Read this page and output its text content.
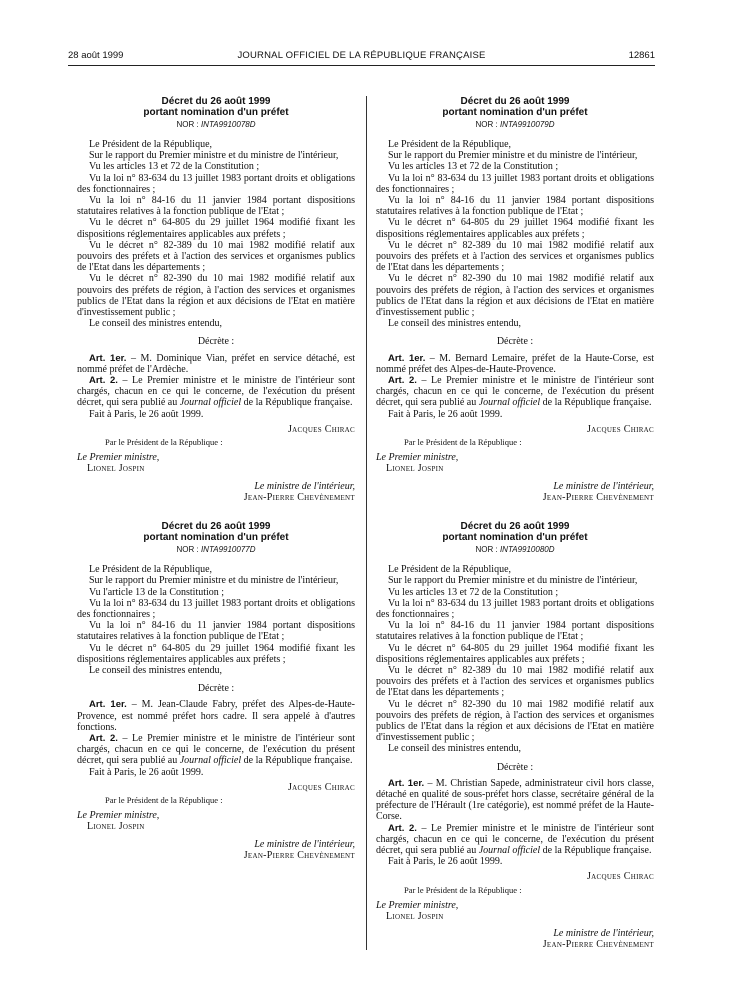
28 août 1999	JOURNAL OFFICIEL DE LA RÉPUBLIQUE FRANÇAISE	12861
Décret du 26 août 1999
portant nomination d'un préfet
NOR : INTA9910078D

Le Président de la République,

Sur le rapport du Premier ministre et du ministre de l'intérieur,

Vu les articles 13 et 72 de la Constitution ;

Vu la loi n° 83-634 du 13 juillet 1983 portant droits et obligations des fonctionnaires ;

Vu la loi n° 84-16 du 11 janvier 1984 portant dispositions statutaires relatives à la fonction publique de l'Etat ;

Vu le décret n° 64-805 du 29 juillet 1964 modifié fixant les dispositions réglementaires applicables aux préfets ;

Vu le décret n° 82-389 du 10 mai 1982 modifié relatif aux pouvoirs des préfets et à l'action des services et organismes publics de l'Etat dans les départements ;

Vu le décret n° 82-390 du 10 mai 1982 modifié relatif aux pouvoirs des préfets de région, à l'action des services et organismes publics de l'Etat dans la région et aux décisions de l'Etat en matière d'investissement public ;

Le conseil des ministres entendu,

Décrète :

Art. 1er. – M. Dominique Vian, préfet en service détaché, est nommé préfet de l'Ardèche.

Art. 2. – Le Premier ministre et le ministre de l'intérieur sont chargés, chacun en ce qui le concerne, de l'exécution du présent décret, qui sera publié au Journal officiel de la République française.

Fait à Paris, le 26 août 1999.

Jacques Chirac
Par le Président de la République :
Le Premier ministre,
Lionel Jospin
Le ministre de l'intérieur,
Jean-Pierre Chevènement
Décret du 26 août 1999
portant nomination d'un préfet
NOR : INTA9910077D

Le Président de la République,

Sur le rapport du Premier ministre et du ministre de l'intérieur,

Vu l'article 13 de la Constitution ;

Vu la loi n° 83-634 du 13 juillet 1983 portant droits et obligations des fonctionnaires ;

Vu la loi n° 84-16 du 11 janvier 1984 portant dispositions statutaires relatives à la fonction publique de l'Etat ;

Vu le décret n° 64-805 du 29 juillet 1964 modifié fixant les dispositions réglementaires applicables aux préfets ;

Le conseil des ministres entendu,

Décrète :

Art. 1er. – M. Jean-Claude Fabry, préfet des Alpes-de-Haute-Provence, est nommé préfet hors cadre. Il sera appelé à d'autres fonctions.

Art. 2. – Le Premier ministre et le ministre de l'intérieur sont chargés, chacun en ce qui le concerne, de l'exécution du présent décret, qui sera publié au Journal officiel de la République française.

Fait à Paris, le 26 août 1999.

Jacques Chirac
Par le Président de la République :
Le Premier ministre,
Lionel Jospin
Le ministre de l'intérieur,
Jean-Pierre Chevènement
Décret du 26 août 1999
portant nomination d'un préfet
NOR : INTA9910079D

Le Président de la République,

Sur le rapport du Premier ministre et du ministre de l'intérieur,

Vu les articles 13 et 72 de la Constitution ;

Vu la loi n° 83-634 du 13 juillet 1983 portant droits et obligations des fonctionnaires ;

Vu la loi n° 84-16 du 11 janvier 1984 portant dispositions statutaires relatives à la fonction publique de l'Etat ;

Vu le décret n° 64-805 du 29 juillet 1964 modifié fixant les dispositions réglementaires applicables aux préfets ;

Vu le décret n° 82-389 du 10 mai 1982 modifié relatif aux pouvoirs des préfets et à l'action des services et organismes publics de l'Etat dans les départements ;

Vu le décret n° 82-390 du 10 mai 1982 modifié relatif aux pouvoirs des préfets de région, à l'action des services et organismes publics de l'Etat dans la région et aux décisions de l'Etat en matière d'investissement public ;

Le conseil des ministres entendu,

Décrète :

Art. 1er. – M. Bernard Lemaire, préfet de la Haute-Corse, est nommé préfet des Alpes-de-Haute-Provence.

Art. 2. – Le Premier ministre et le ministre de l'intérieur sont chargés, chacun en ce qui le concerne, de l'exécution du présent décret, qui sera publié au Journal officiel de la République française.

Fait à Paris, le 26 août 1999.

Jacques Chirac
Par le Président de la République :
Le Premier ministre,
Lionel Jospin
Le ministre de l'intérieur,
Jean-Pierre Chevènement
Décret du 26 août 1999
portant nomination d'un préfet
NOR : INTA9910080D

Le Président de la République,

Sur le rapport du Premier ministre et du ministre de l'intérieur,

Vu les articles 13 et 72 de la Constitution ;

Vu la loi n° 83-634 du 13 juillet 1983 portant droits et obligations des fonctionnaires ;

Vu la loi n° 84-16 du 11 janvier 1984 portant dispositions statutaires relatives à la fonction publique de l'Etat ;

Vu le décret n° 64-805 du 29 juillet 1964 modifié fixant les dispositions réglementaires applicables aux préfets ;

Vu le décret n° 82-389 du 10 mai 1982 modifié relatif aux pouvoirs des préfets et à l'action des services et organismes publics de l'Etat dans les départements ;

Vu le décret n° 82-390 du 10 mai 1982 modifié relatif aux pouvoirs des préfets de région, à l'action des services et organismes publics de l'Etat dans la région et aux décisions de l'Etat en matière d'investissement public ;

Le conseil des ministres entendu,

Décrète :

Art. 1er. – M. Christian Sapede, administrateur civil hors classe, détaché en qualité de sous-préfet hors classe, secrétaire général de la préfecture de l'Hérault (1re catégorie), est nommé préfet de la Haute-Corse.

Art. 2. – Le Premier ministre et le ministre de l'intérieur sont chargés, chacun en ce qui le concerne, de l'exécution du présent décret, qui sera publié au Journal officiel de la République française.

Fait à Paris, le 26 août 1999.

Jacques Chirac
Par le Président de la République :
Le Premier ministre,
Lionel Jospin
Le ministre de l'intérieur,
Jean-Pierre Chevènement
